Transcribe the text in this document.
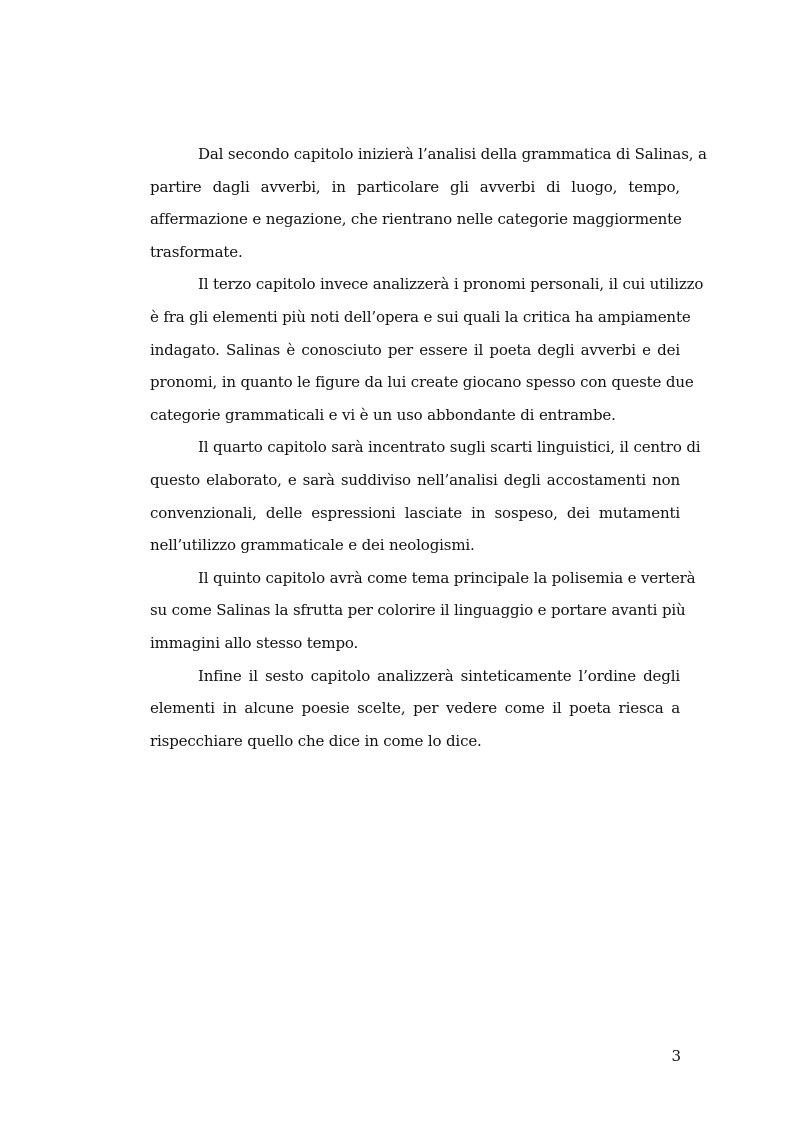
Dal secondo capitolo inizierà l’analisi della grammatica di Salinas, a
partire dagli avverbi, in particolare gli avverbi di luogo, tempo,
affermazione e negazione, che rientrano nelle categorie maggiormente
trasformate.

Il terzo capitolo invece analizzerà i pronomi personali, il cui utilizzo
è fra gli elementi più noti dell’opera e sui quali la critica ha ampiamente
indagato. Salinas è conosciuto per essere il poeta degli avverbi e dei
pronomi, in quanto le figure da lui create giocano spesso con queste due
categorie grammaticali e vi è un uso abbondante di entrambe.

Il quarto capitolo sarà incentrato sugli scarti linguistici, il centro di
questo elaborato, e sarà suddiviso nell’analisi degli accostamenti non
convenzionali, delle espressioni lasciate in sospeso, dei mutamenti
nell’utilizzo grammaticale e dei neologismi.

Il quinto capitolo avrà come tema principale la polisemia e verterà
su come Salinas la sfrutta per colorire il linguaggio e portare avanti più
immagini allo stesso tempo.

Infine il sesto capitolo analizzerà sinteticamente l’ordine degli
elementi in alcune poesie scelte, per vedere come il poeta riesca a
rispecchiare quello che dice in come lo dice.

3
